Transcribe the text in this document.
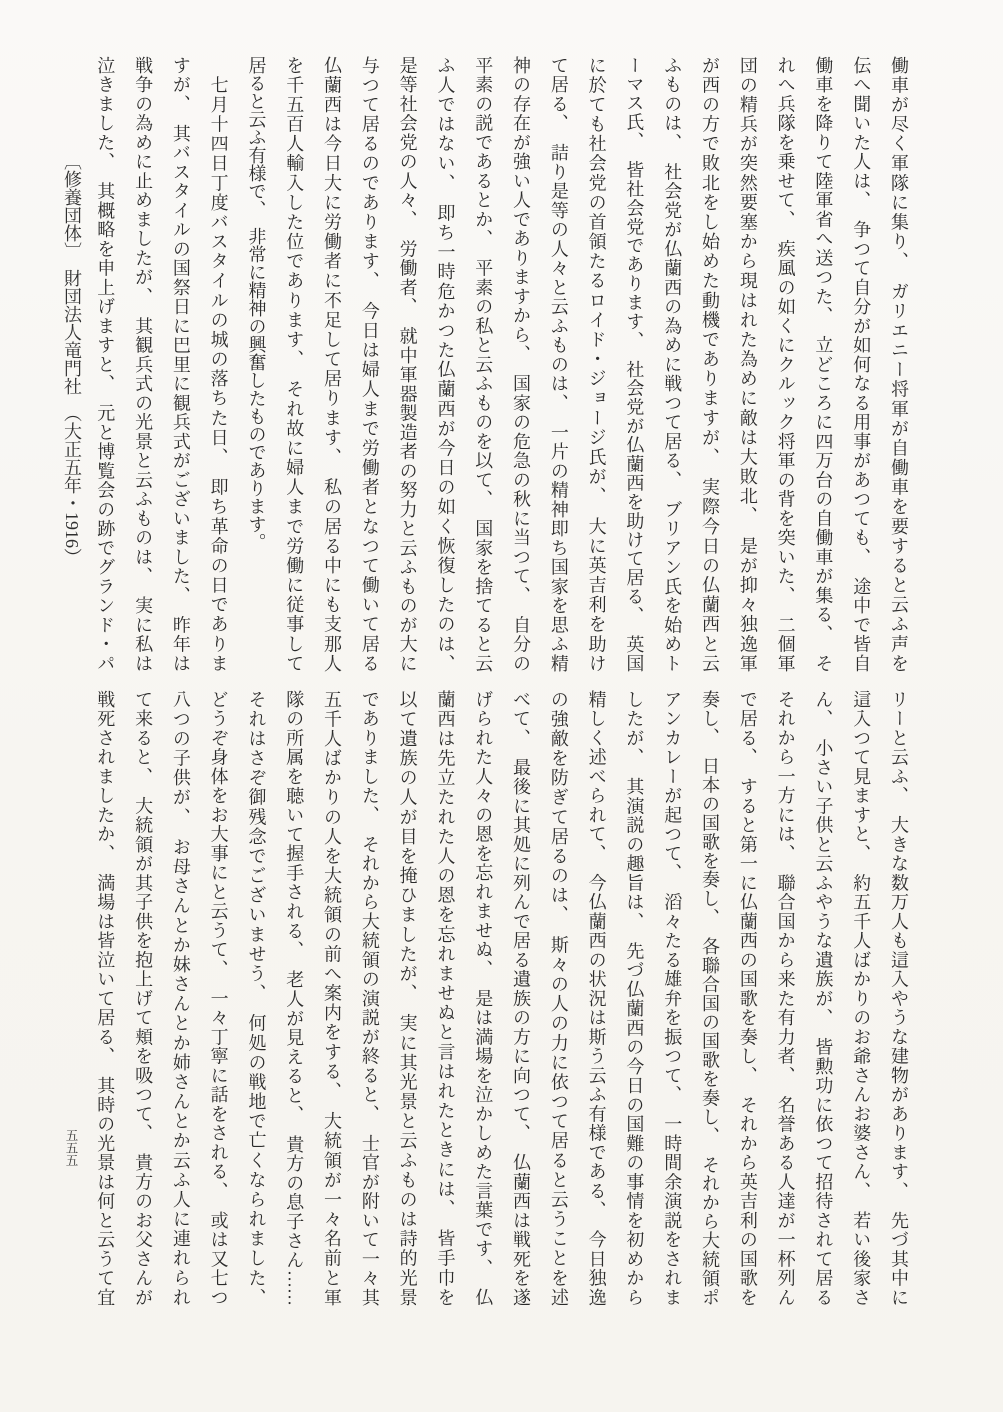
働車が尽く軍隊に集り、　ガリエニー将軍が自働車を要すると云ふ声を
伝へ聞いた人は、　争つて自分が如何なる用事があつても、　途中で皆自
働車を降りて陸軍省へ送つた、　立どころに四万台の自働車が集る、　そ
れへ兵隊を乗せて、　疾風の如くにクルック将軍の背を突いた、　二個軍
団の精兵が突然要塞から現はれた為めに敵は大敗北、　是が抑々独逸軍
が西の方で敗北をし始めた動機でありますが、　実際今日の仏蘭西と云
ふものは、　社会党が仏蘭西の為めに戦つて居る、　ブリアン氏を始めト
ーマス氏、　皆社会党であります、　社会党が仏蘭西を助けて居る、　英国
に於ても社会党の首領たるロイド・ジョージ氏が、　大に英吉利を助け
て居る、　詰り是等の人々と云ふものは、　一片の精神即ち国家を思ふ精
神の存在が強い人でありますから、　国家の危急の秋に当つて、　自分の
平素の説であるとか、　平素の私と云ふものを以て、　国家を捨てると云
ふ人ではない、　即ち一時危かつた仏蘭西が今日の如く恢復したのは、
是等社会党の人々、　労働者、　就中軍器製造者の努力と云ふものが大に
与つて居るのであります、　今日は婦人まで労働者となつて働いて居る
仏蘭西は今日大に労働者に不足して居ります、　私の居る中にも支那人
を千五百人輸入した位であります、　それ故に婦人まで労働に従事して
居ると云ふ有様で、　非常に精神の興奮したものであります。
　七月十四日丁度バスタイルの城の落ちた日、　即ち革命の日でありま
すが、　其バスタイルの国祭日に巴里に観兵式がございました、　昨年は
戦争の為めに止めましたが、　其観兵式の光景と云ふものは、　実に私は
泣きました、　其概略を申上げますと、　元と博覧会の跡でグランド・パ
リーと云ふ、　大きな数万人も這入やうな建物があります、　先づ其中に
這入つて見ますと、　約五千人ばかりのお爺さんお婆さん、　若い後家さ
ん、　小さい子供と云ふやうな遺族が、　皆勲功に依つて招待されて居る
それから一方には、　聯合国から来た有力者、　名誉ある人達が一杯列ん
で居る、　すると第一に仏蘭西の国歌を奏し、　それから英吉利の国歌を
奏し、　日本の国歌を奏し、　各聯合国の国歌を奏し、　それから大統領ポ
アンカレーが起つて、　滔々たる雄弁を振つて、　一時間余演説をされま
したが、　其演説の趣旨は、　先づ仏蘭西の今日の国難の事情を初めから
精しく述べられて、　今仏蘭西の状況は斯う云ふ有様である、　今日独逸
の強敵を防ぎて居るのは、　斯々の人の力に依つて居ると云うことを述
べて、　最後に其処に列んで居る遺族の方に向つて、　仏蘭西は戦死を遂
げられた人々の恩を忘れませぬ、　是は満場を泣かしめた言葉です、　仏
蘭西は先立たれた人の恩を忘れませぬと言はれたときには、　皆手巾を
以て遺族の人が目を掩ひましたが、　実に其光景と云ふものは詩的光景
でありました、　それから大統領の演説が終ると、　士官が附いて一々其
五千人ばかりの人を大統領の前へ案内をする、　大統領が一々名前と軍
隊の所属を聴いて握手される、　老人が見えると、　貴方の息子さん……
それはさぞ御残念でございませう、　何処の戦地で亡くなられました、
どうぞ身体をお大事にと云うて、　一々丁寧に話をされる、　或は又七つ
八つの子供が、　お母さんとか妹さんとか姉さんとか云ふ人に連れられ
て来ると、　大統領が其子供を抱上げて頬を吸つて、　貴方のお父さんが
戦死されましたか、　満場は皆泣いて居る、　其時の光景は何と云うて宜
〔修養団体〕　財団法人竜門社　（大正五年・1916）
五五五
